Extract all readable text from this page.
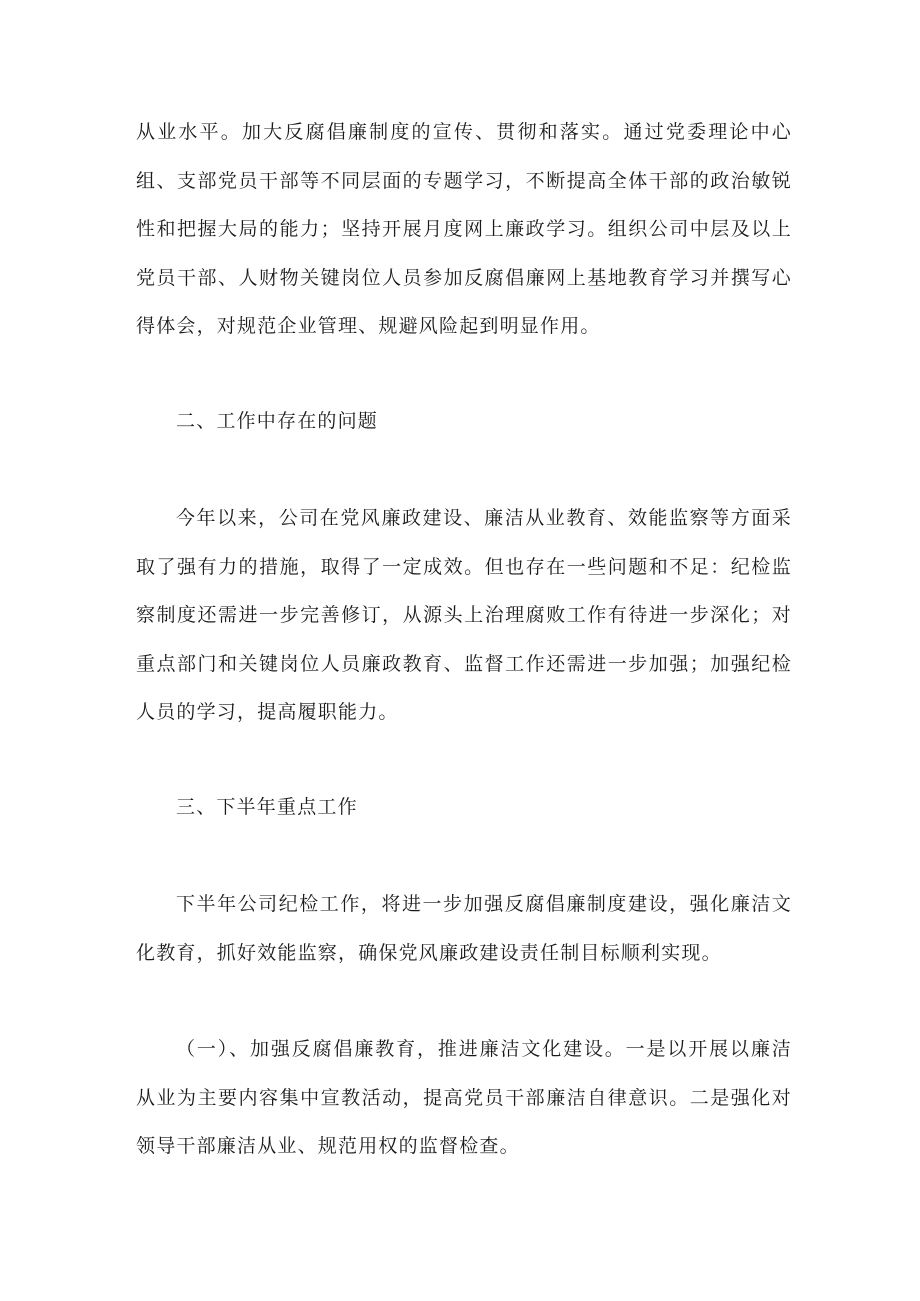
从业水平。加大反腐倡廉制度的宣传、贯彻和落实。通过党委理论中心组、支部党员干部等不同层面的专题学习，不断提高全体干部的政治敏锐性和把握大局的能力；坚持开展月度网上廉政学习。组织公司中层及以上党员干部、人财物关键岗位人员参加反腐倡廉网上基地教育学习并撰写心得体会，对规范企业管理、规避风险起到明显作用。

二、工作中存在的问题

今年以来，公司在党风廉政建设、廉洁从业教育、效能监察等方面采取了强有力的措施，取得了一定成效。但也存在一些问题和不足：纪检监察制度还需进一步完善修订，从源头上治理腐败工作有待进一步深化；对重点部门和关键岗位人员廉政教育、监督工作还需进一步加强；加强纪检人员的学习，提高履职能力。

三、下半年重点工作

下半年公司纪检工作，将进一步加强反腐倡廉制度建设，强化廉洁文化教育，抓好效能监察，确保党风廉政建设责任制目标顺利实现。

（一）、加强反腐倡廉教育，推进廉洁文化建设。一是以开展以廉洁从业为主要内容集中宣教活动，提高党员干部廉洁自律意识。二是强化对领导干部廉洁从业、规范用权的监督检查。
